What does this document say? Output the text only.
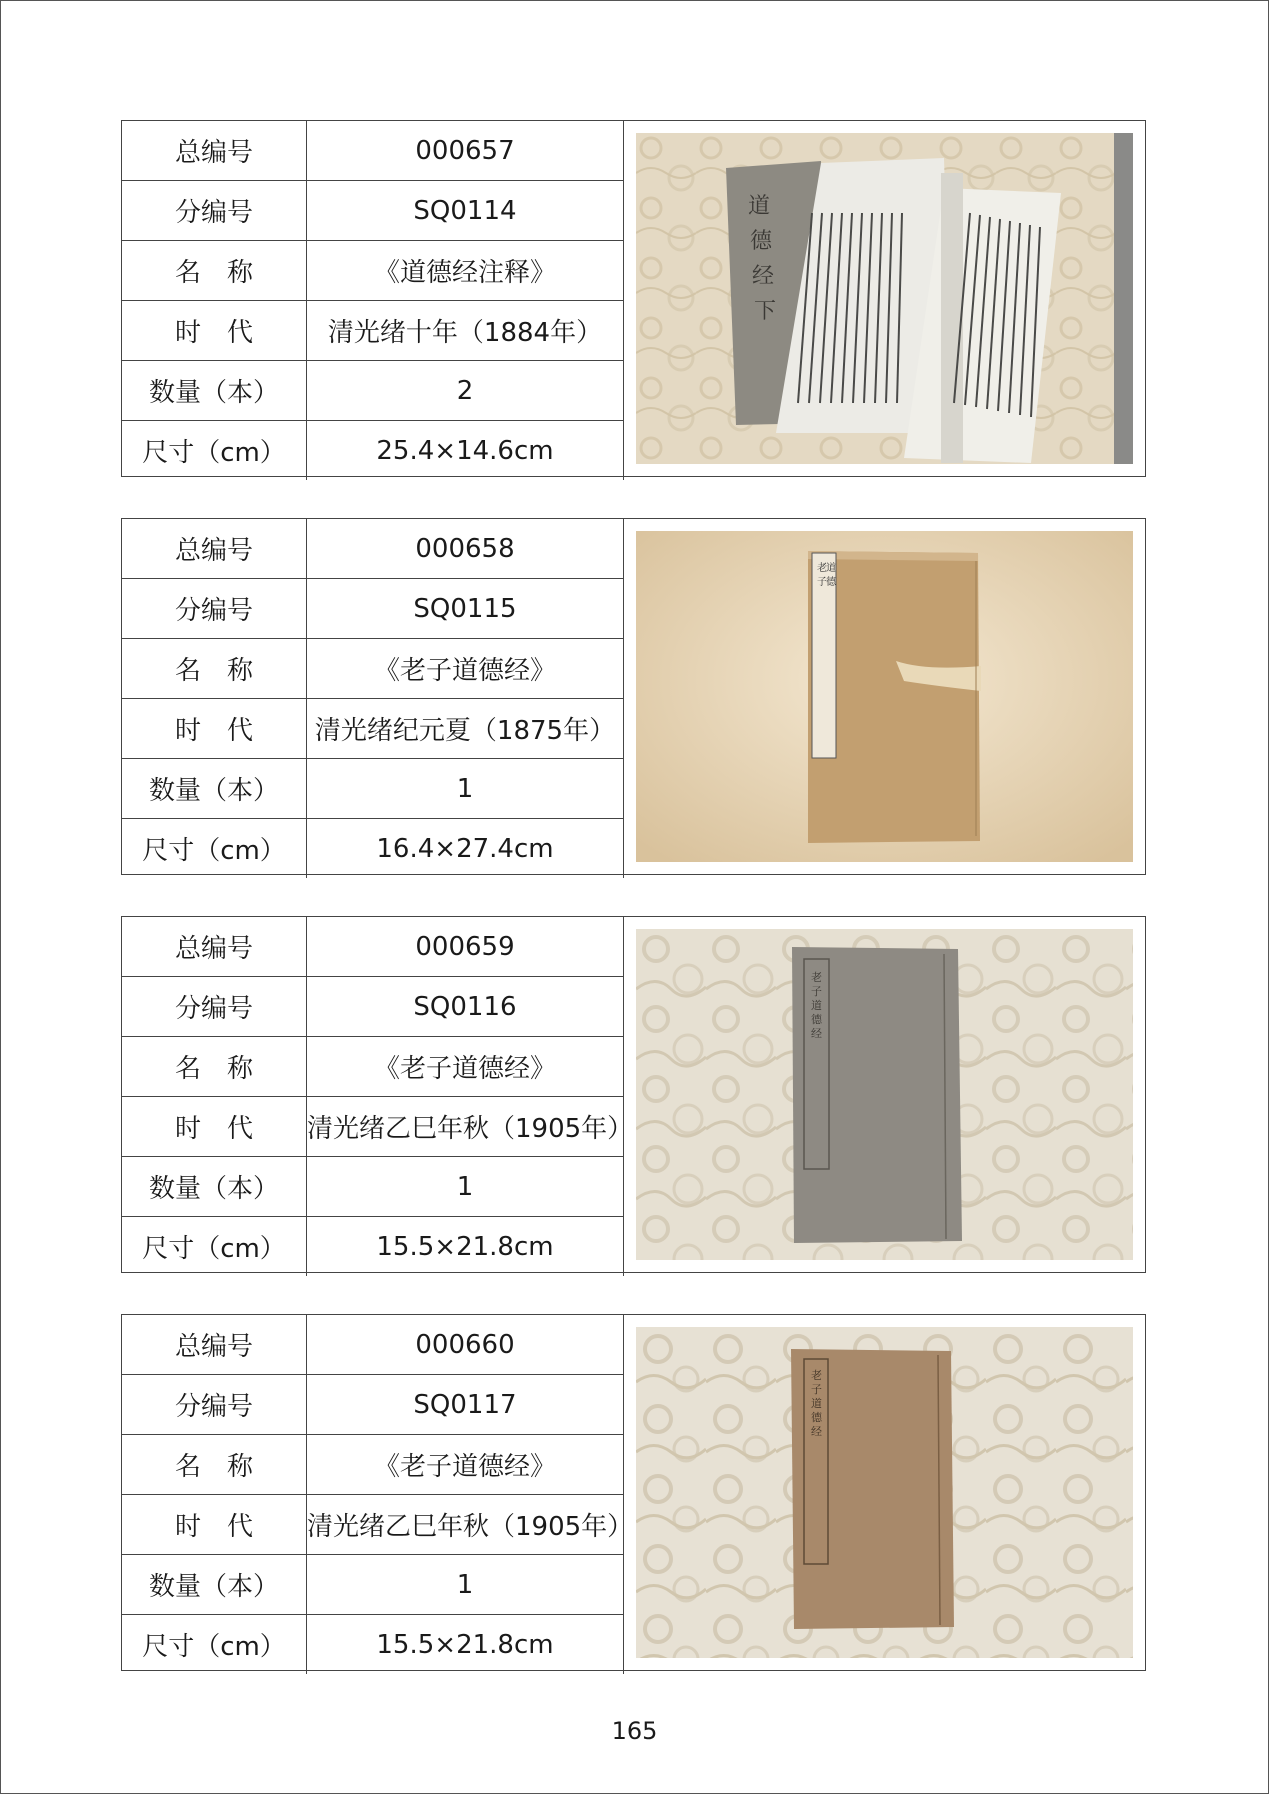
总编号	000657
分编号	SQ0114
名　称	《道德经注释》
时　代	清光绪十年（1884年）
数量（本）	2
尺寸（cm）	25.4×14.6cm
道
德
经
下
总编号	000658
分编号	SQ0115
名　称	《老子道德经》
时　代	清光绪纪元夏（1875年）
数量（本）	1
尺寸（cm）	16.4×27.4cm
老
子
道
德
总编号	000659
分编号	SQ0116
名　称	《老子道德经》
时　代	清光绪乙巳年秋（1905年）
数量（本）	1
尺寸（cm）	15.5×21.8cm
老
子
道
德
经
总编号	000660
分编号	SQ0117
名　称	《老子道德经》
时　代	清光绪乙巳年秋（1905年）
数量（本）	1
尺寸（cm）	15.5×21.8cm
老
子
道
德
经
165
